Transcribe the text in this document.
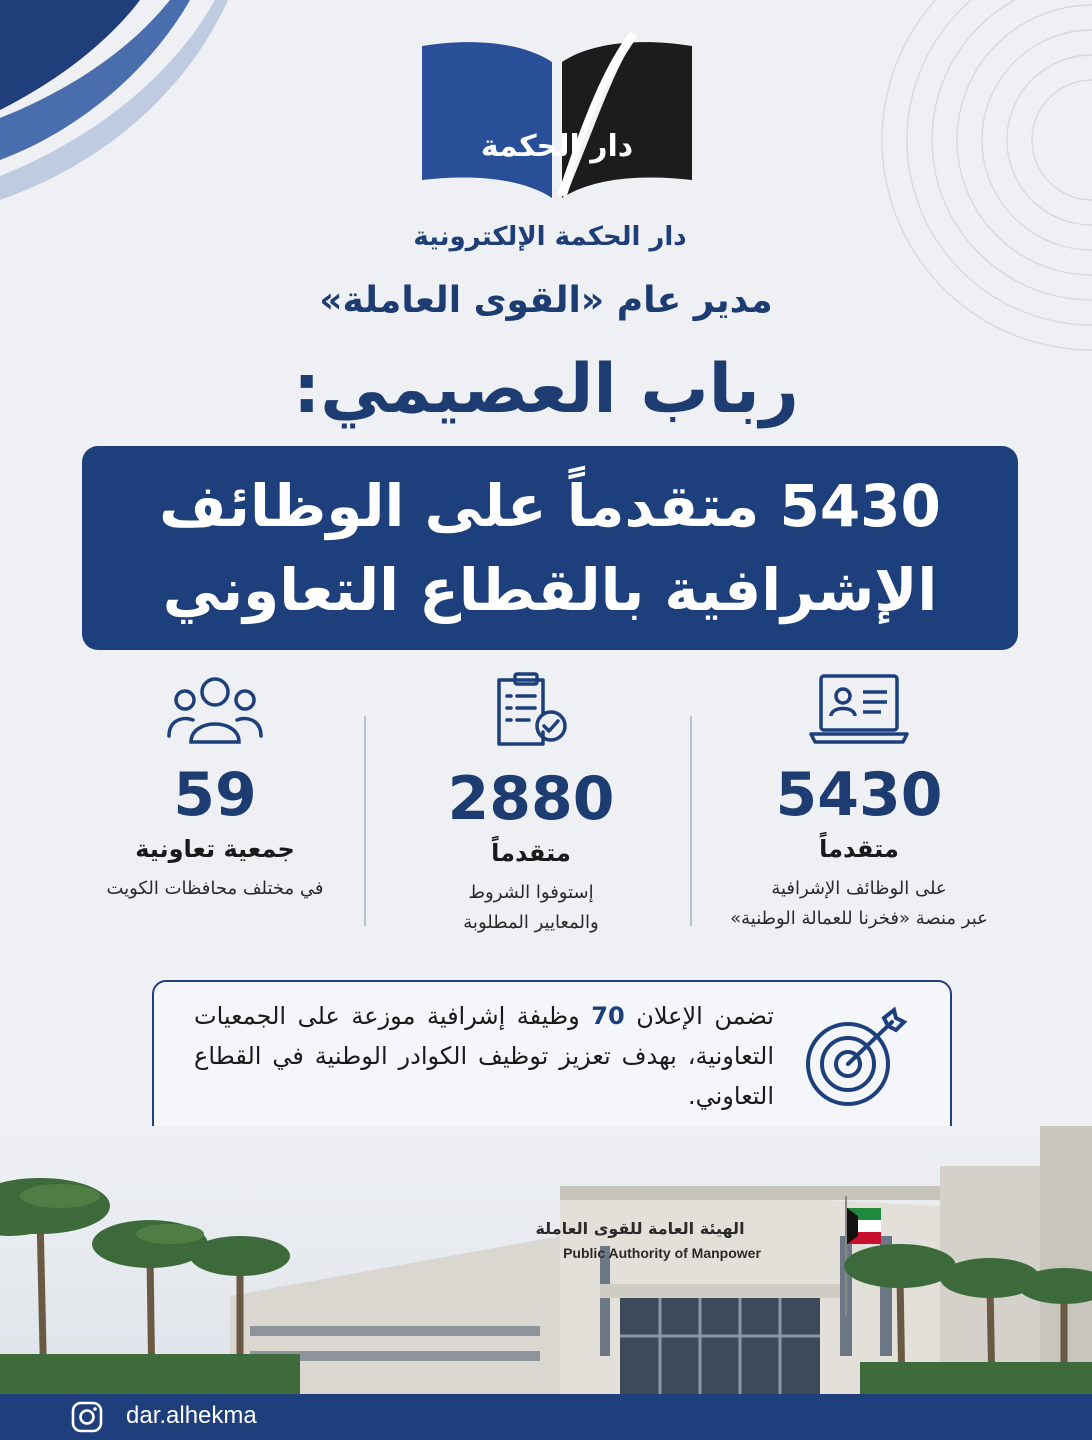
دار الحكمة
دار الحكمة الإلكترونية
مدير عام «القوى العاملة»
رباب العصيمي:
5430 متقدماً على الوظائف
الإشرافية بالقطاع التعاوني
5430
متقدماً
على الوظائف الإشرافية
عبر منصة «فخرنا للعمالة الوطنية»
2880
متقدماً
إستوفوا الشروط
والمعايير المطلوبة
59
جمعية تعاونية
في مختلف محافظات الكويت
تضمن الإعلان 70 وظيفة إشرافية موزعة على الجمعيات التعاونية، بهدف تعزيز توظيف الكوادر الوطنية في القطاع التعاوني.
الهيئة العامة للقوى العاملة
Public Authority of Manpower
dar.alhekma
